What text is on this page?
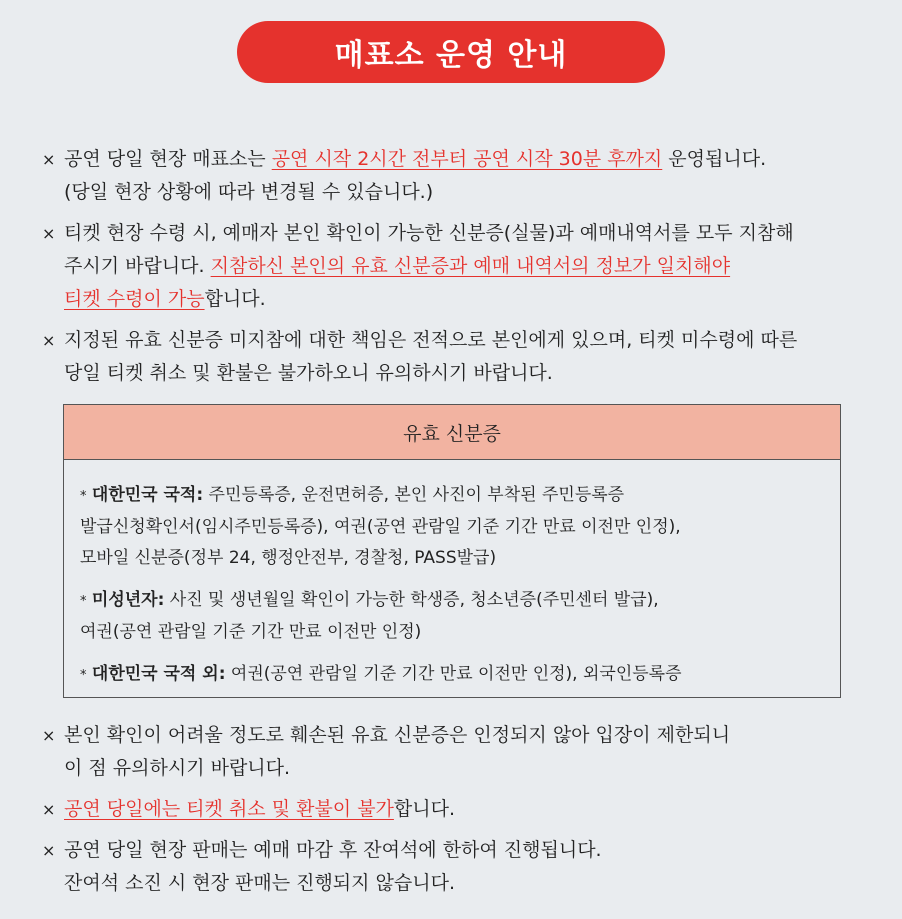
매표소 운영 안내
× 공연 당일 현장 매표소는 공연 시작 2시간 전부터 공연 시작 30분 후까지 운영됩니다.
(당일 현장 상황에 따라 변경될 수 있습니다.)
× 티켓 현장 수령 시, 예매자 본인 확인이 가능한 신분증(실물)과 예매내역서를 모두 지참해
주시기 바랍니다. 지참하신 본인의 유효 신분증과 예매 내역서의 정보가 일치해야
티켓 수령이 가능합니다.
× 지정된 유효 신분증 미지참에 대한 책임은 전적으로 본인에게 있으며, 티켓 미수령에 따른
당일 티켓 취소 및 환불은 불가하오니 유의하시기 바랍니다.
유효 신분증
* 대한민국 국적: 주민등록증, 운전면허증, 본인 사진이 부착된 주민등록증
발급신청확인서(임시주민등록증), 여권(공연 관람일 기준 기간 만료 이전만 인정),
모바일 신분증(정부 24, 행정안전부, 경찰청, PASS발급)
* 미성년자: 사진 및 생년월일 확인이 가능한 학생증, 청소년증(주민센터 발급),
여권(공연 관람일 기준 기간 만료 이전만 인정)
* 대한민국 국적 외: 여권(공연 관람일 기준 기간 만료 이전만 인정), 외국인등록증
× 본인 확인이 어려울 정도로 훼손된 유효 신분증은 인정되지 않아 입장이 제한되니
이 점 유의하시기 바랍니다.
× 공연 당일에는 티켓 취소 및 환불이 불가합니다.
× 공연 당일 현장 판매는 예매 마감 후 잔여석에 한하여 진행됩니다.
잔여석 소진 시 현장 판매는 진행되지 않습니다.
